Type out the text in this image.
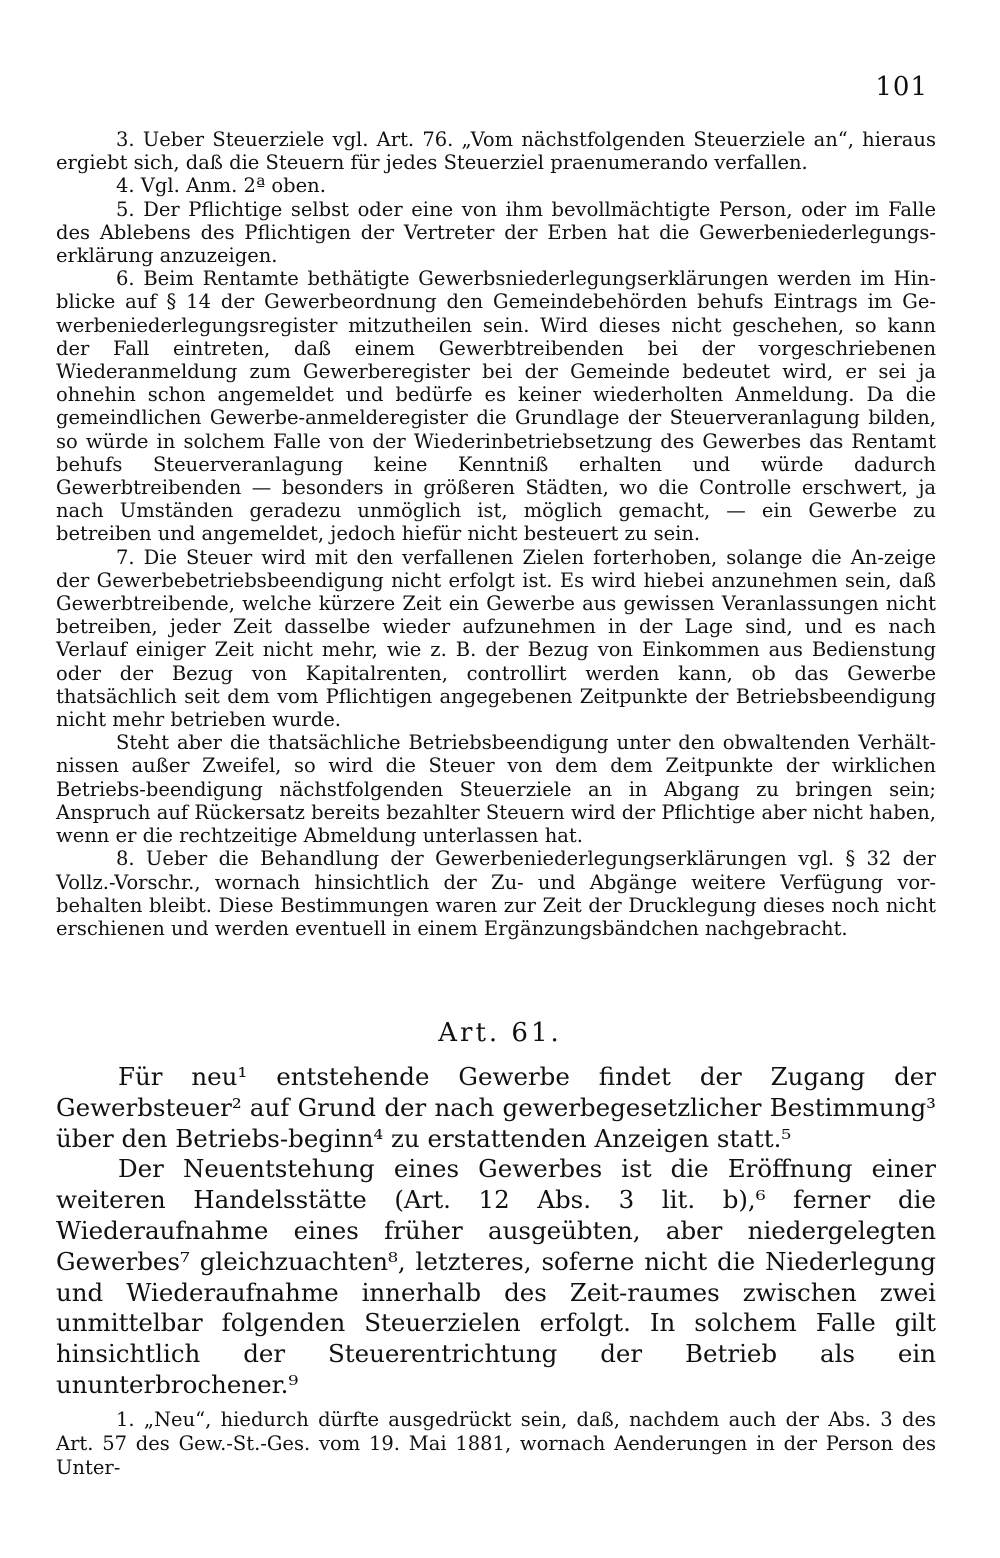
101

3. Ueber Steuerziele vgl. Art. 76. „Vom nächstfolgenden Steuerziele an“, hieraus ergiebt sich, daß die Steuern für jedes Steuerziel praenumerando verfallen.

4. Vgl. Anm. 2ª oben.

5. Der Pflichtige selbst oder eine von ihm bevollmächtigte Person, oder im Falle des Ablebens des Pflichtigen der Vertreter der Erben hat die Gewerbeniederlegungs-erklärung anzuzeigen.

6. Beim Rentamte bethätigte Gewerbsniederlegungserklärungen werden im Hin-blicke auf § 14 der Gewerbeordnung den Gemeindebehörden behufs Eintrags im Ge-werbeniederlegungsregister mitzutheilen sein. Wird dieses nicht geschehen, so kann der Fall eintreten, daß einem Gewerbtreibenden bei der vorgeschriebenen Wiederanmeldung zum Gewerberegister bei der Gemeinde bedeutet wird, er sei ja ohnehin schon angemeldet und bedürfe es keiner wiederholten Anmeldung. Da die gemeindlichen Gewerbe-anmelderegister die Grundlage der Steuerveranlagung bilden, so würde in solchem Falle von der Wiederinbetriebsetzung des Gewerbes das Rentamt behufs Steuerveranlagung keine Kenntniß erhalten und würde dadurch Gewerbtreibenden — besonders in größeren Städten, wo die Controlle erschwert, ja nach Umständen geradezu unmöglich ist, möglich gemacht, — ein Gewerbe zu betreiben und angemeldet, jedoch hiefür nicht besteuert zu sein.

7. Die Steuer wird mit den verfallenen Zielen forterhoben, solange die An-zeige der Gewerbebetriebsbeendigung nicht erfolgt ist. Es wird hiebei anzunehmen sein, daß Gewerbtreibende, welche kürzere Zeit ein Gewerbe aus gewissen Veranlassungen nicht betreiben, jeder Zeit dasselbe wieder aufzunehmen in der Lage sind, und es nach Verlauf einiger Zeit nicht mehr, wie z. B. der Bezug von Einkommen aus Bedienstung oder der Bezug von Kapitalrenten, controllirt werden kann, ob das Gewerbe thatsächlich seit dem vom Pflichtigen angegebenen Zeitpunkte der Betriebsbeendigung nicht mehr betrieben wurde.

Steht aber die thatsächliche Betriebsbeendigung unter den obwaltenden Verhält-nissen außer Zweifel, so wird die Steuer von dem dem Zeitpunkte der wirklichen Betriebs-beendigung nächstfolgenden Steuerziele an in Abgang zu bringen sein; Anspruch auf Rückersatz bereits bezahlter Steuern wird der Pflichtige aber nicht haben, wenn er die rechtzeitige Abmeldung unterlassen hat.

8. Ueber die Behandlung der Gewerbeniederlegungserklärungen vgl. § 32 der Vollz.-Vorschr., wornach hinsichtlich der Zu- und Abgänge weitere Verfügung vor-behalten bleibt. Diese Bestimmungen waren zur Zeit der Drucklegung dieses noch nicht erschienen und werden eventuell in einem Ergänzungsbändchen nachgebracht.

Art. 61.

Für neu¹ entstehende Gewerbe findet der Zugang der Gewerbsteuer² auf Grund der nach gewerbegesetzlicher Bestimmung³ über den Betriebs-beginn⁴ zu erstattenden Anzeigen statt.⁵

Der Neuentstehung eines Gewerbes ist die Eröffnung einer weiteren Handelsstätte (Art. 12 Abs. 3 lit. b),⁶ ferner die Wiederaufnahme eines früher ausgeübten, aber niedergelegten Gewerbes⁷ gleichzuachten⁸, letzteres, soferne nicht die Niederlegung und Wiederaufnahme innerhalb des Zeit-raumes zwischen zwei unmittelbar folgenden Steuerzielen erfolgt. In solchem Falle gilt hinsichtlich der Steuerentrichtung der Betrieb als ein ununterbrochener.⁹

1. „Neu“, hiedurch dürfte ausgedrückt sein, daß, nachdem auch der Abs. 3 des Art. 57 des Gew.-St.-Ges. vom 19. Mai 1881, wornach Aenderungen in der Person des Unter-
